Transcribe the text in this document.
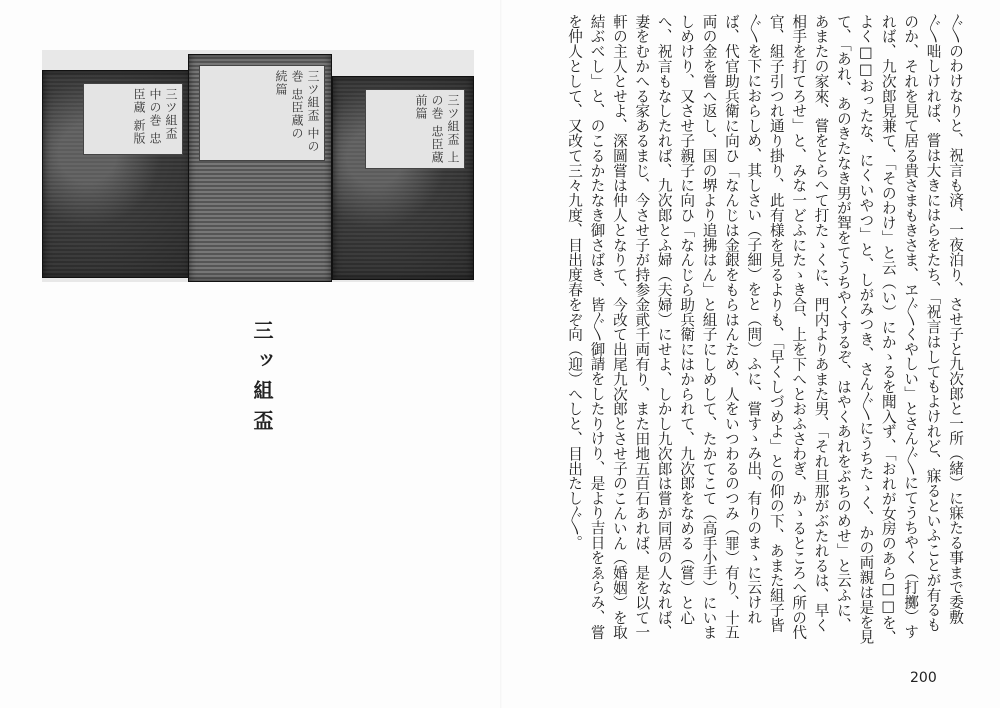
三ツ組盃 中の巻 忠臣蔵 新版	三ツ組盃 中の巻 忠臣蔵の 続篇
三ツ組盃 上の巻 忠臣蔵 前篇
三ッ組盃	〲のわけなりと、祝言も済、一夜泊り、させ子と九次郎と一所（緒）に寐たる事まで委敷〲咄しければ、嘗は大きにはらをたち、「祝言はしてもよけれど、寐るといふことが有るものか、それを見て居る貴さまもきさま、ヱ〲くやしい」とさん〲にてうちやく（打擲）すれば、九次郎見兼て、「そのわけ」と云（い）にかゝるを聞入ず、「おれが女房のあら□□を、よく□□おったな、にくいやつ」と、しがみつき、さん〲にうちたゝく、かの両親は是を見て、「あれ、あのきたなき男が聟をてうちやくするぞ、はやくあれをぶちのめせ」と云ふに、あまたの家來、嘗をとらへて打たゝくに、門内よりあまた男、「それ旦那がぶたれるは、早く相手を打てろせ」と、みな一どふにたゝき合、上を下へとおふさわぎ、かゝるところへ所の代官、組子引つれ通り掛り、此有様を見るよりも、「早くしづめよ」との仰の下、あまた組子皆〲を下におらしめ、其しさい（子細）をと（問）ふに、嘗すゝみ出、有りのまゝに云ければ、代官助兵衛に向ひ「なんじは金銀をもらはんため、人をいつわるのつみ（罪）有り、十五両の金を嘗へ返し、国の堺より追拂はん」と組子にしめして、たかてこて（高手小手）にいましめけり、又させ子親子に向ひ「なんじら助兵衛にはかられて、九次郎をなめる（嘗）と心へ、祝言もなしたれば、九次郎とふ婦（夫婦）にせよ、しかし九次郎は嘗が同居の人なれば、妻をむかへる家あるまじ、今させ子が持参金貮千両有り、また田地五百石あれば、是を以て一軒の主人とせよ、深圖嘗は仲人となりて、今改て出尾九次郎とさせ子のこんいん（婚姻）を取結ぶべし」と、のこるかたなき御さばき、皆〲御請をしたりけり、是より吉日をゑらみ、嘗を仲人として、又改て三々九度、目出度春をぞ向（迎）へしと、目出たし〲。

200
